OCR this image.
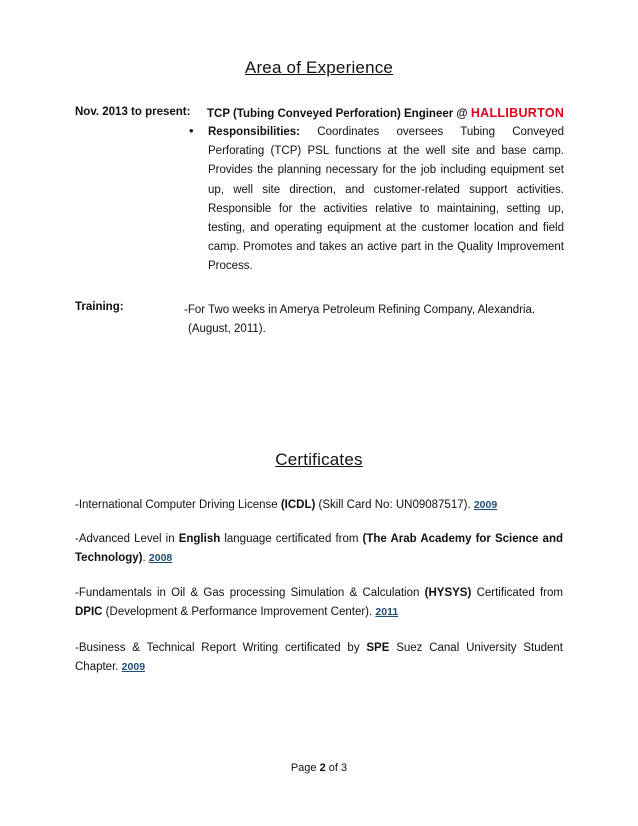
Area of Experience
Nov. 2013 to present: TCP (Tubing Conveyed Perforation) Engineer @ HALLIBURTON
• Responsibilities: Coordinates oversees Tubing Conveyed Perforating (TCP) PSL functions at the well site and base camp. Provides the planning necessary for the job including equipment set up, well site direction, and customer-related support activities. Responsible for the activities relative to maintaining, setting up, testing, and operating equipment at the customer location and field camp. Promotes and takes an active part in the Quality Improvement Process.
Training:	-For Two weeks in Amerya Petroleum Refining Company, Alexandria.
(August, 2011).
Certificates
-International Computer Driving License (ICDL) (Skill Card No: UN09087517). 2009
-Advanced Level in English language certificated from (The Arab Academy for Science and Technology). 2008
-Fundamentals in Oil & Gas processing Simulation & Calculation (HYSYS) Certificated from DPIC (Development & Performance Improvement Center). 2011
-Business & Technical Report Writing certificated by SPE Suez Canal University Student Chapter. 2009
Page 2 of 3
